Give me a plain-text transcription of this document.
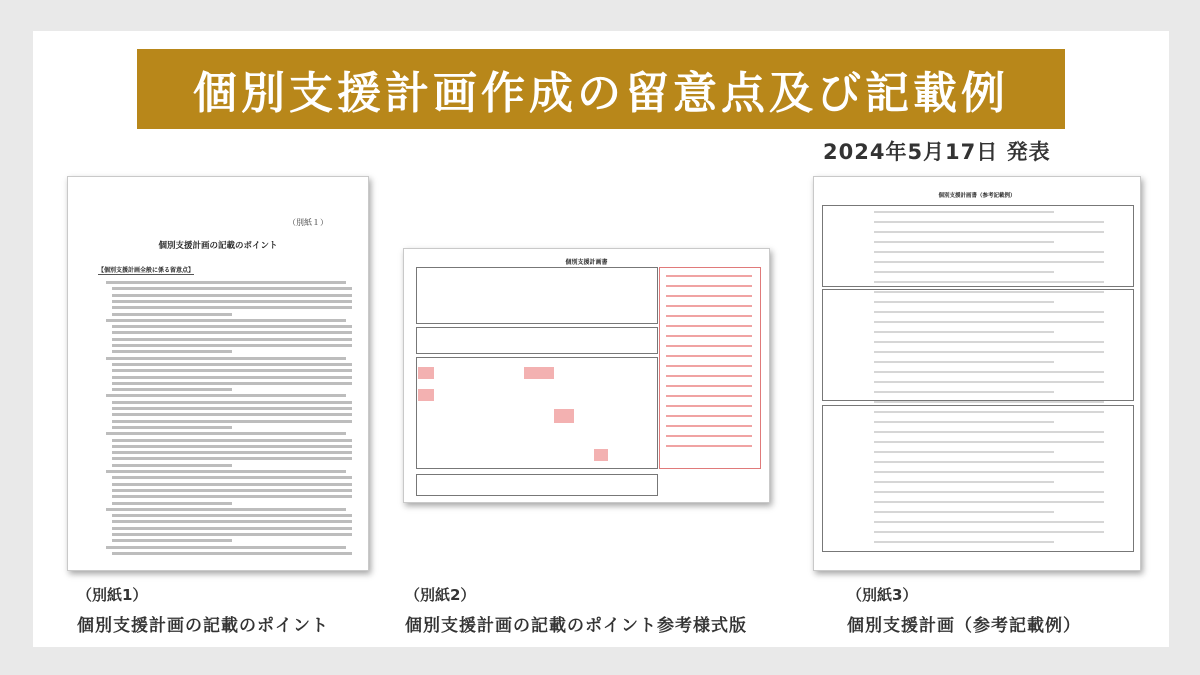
個別支援計画作成の留意点及び記載例
2024年5月17日 発表
（別紙１）
個別支援計画の記載のポイント
【個別支援計画全般に係る留意点】
個別支援計画書
個別支援計画書（参考記載例）
（別紙1）
個別支援計画の記載のポイント
（別紙2）
個別支援計画の記載のポイント参考様式版
（別紙3）
個別支援計画（参考記載例）
